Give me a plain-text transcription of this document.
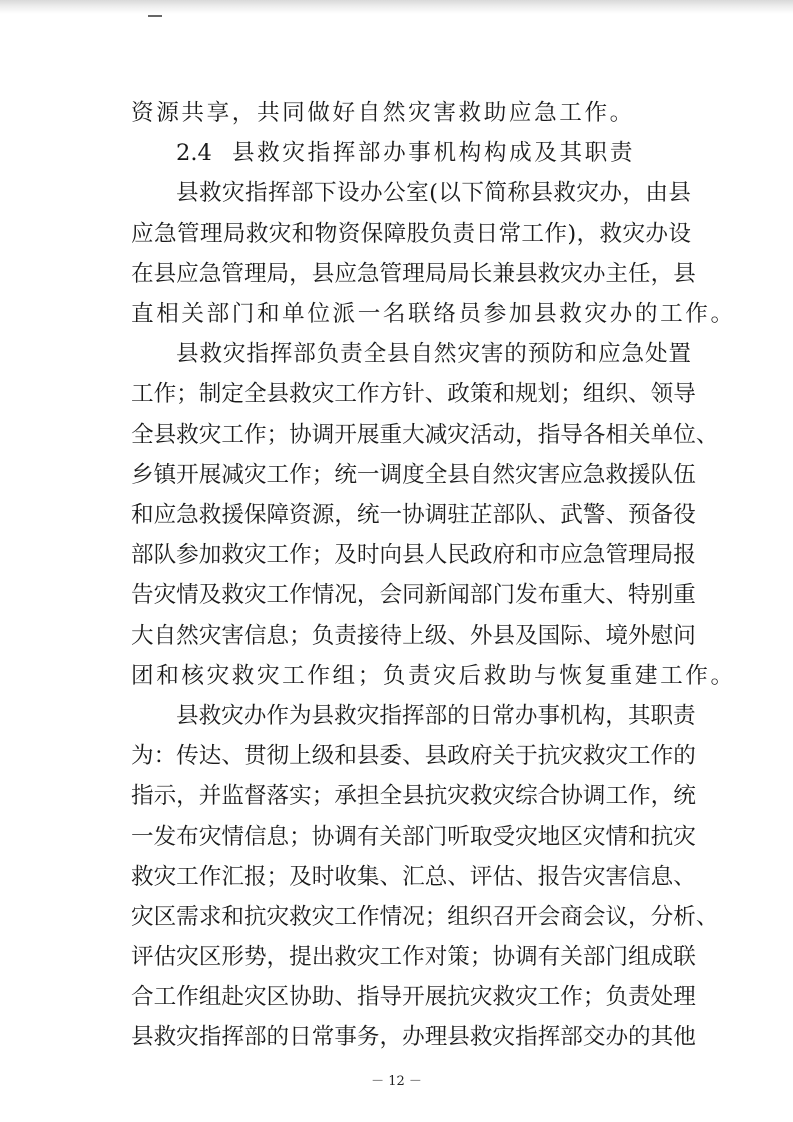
资源共享，共同做好自然灾害救助应急工作。
2.4 县救灾指挥部办事机构构成及其职责
县救灾指挥部下设办公室(以下简称县救灾办，由县
应急管理局救灾和物资保障股负责日常工作)，救灾办设
在县应急管理局，县应急管理局局长兼县救灾办主任，县
直相关部门和单位派一名联络员参加县救灾办的工作。
县救灾指挥部负责全县自然灾害的预防和应急处置
工作；制定全县救灾工作方针、政策和规划；组织、领导
全县救灾工作；协调开展重大减灾活动，指导各相关单位、
乡镇开展减灾工作；统一调度全县自然灾害应急救援队伍
和应急救援保障资源，统一协调驻芷部队、武警、预备役
部队参加救灾工作；及时向县人民政府和市应急管理局报
告灾情及救灾工作情况，会同新闻部门发布重大、特别重
大自然灾害信息；负责接待上级、外县及国际、境外慰问
团和核灾救灾工作组；负责灾后救助与恢复重建工作。
县救灾办作为县救灾指挥部的日常办事机构，其职责
为：传达、贯彻上级和县委、县政府关于抗灾救灾工作的
指示，并监督落实；承担全县抗灾救灾综合协调工作，统
一发布灾情信息；协调有关部门听取受灾地区灾情和抗灾
救灾工作汇报；及时收集、汇总、评估、报告灾害信息、
灾区需求和抗灾救灾工作情况；组织召开会商会议，分析、
评估灾区形势，提出救灾工作对策；协调有关部门组成联
合工作组赴灾区协助、指导开展抗灾救灾工作；负责处理
县救灾指挥部的日常事务，办理县救灾指挥部交办的其他
－ 12 －
